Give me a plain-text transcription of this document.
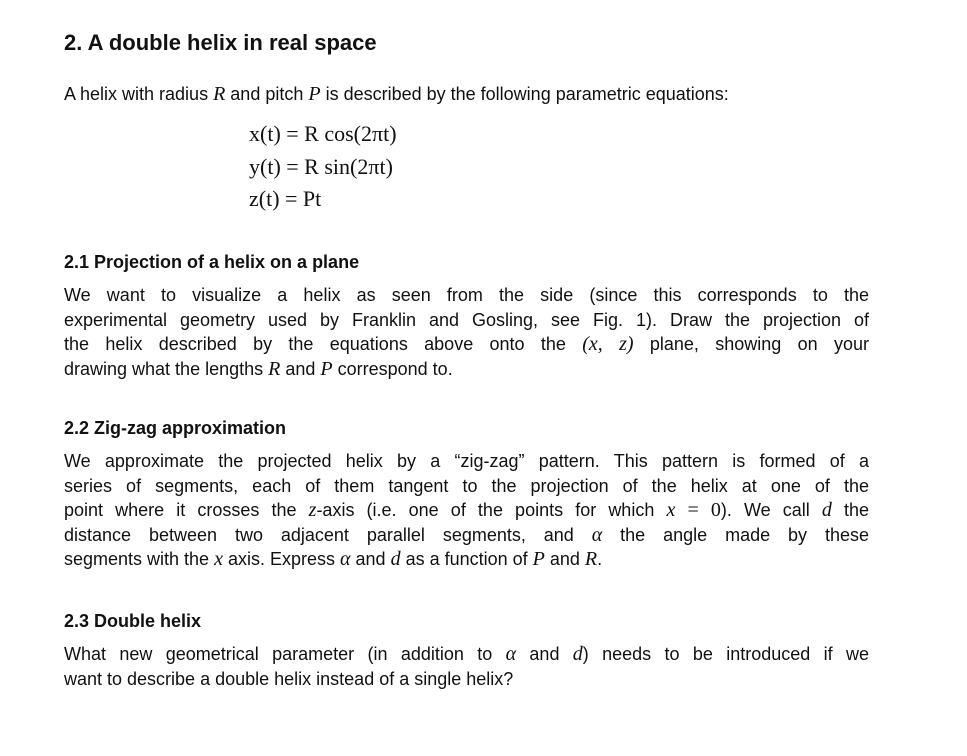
2. A double helix in real space

A helix with radius R and pitch P is described by the following parametric equations:

x(t) = R cos(2πt)
y(t) = R sin(2πt)
z(t) = Pt
2.1 Projection of a helix on a plane
We want to visualize a helix as seen from the side (since this corresponds to the
experimental geometry used by Franklin and Gosling, see Fig. 1). Draw the projection of
the helix described by the equations above onto the (x, z) plane, showing on your
drawing what the lengths R and P correspond to.
2.2 Zig-zag approximation
We approximate the projected helix by a “zig-zag” pattern. This pattern is formed of a
series of segments, each of them tangent to the projection of the helix at one of the
point where it crosses the z-axis (i.e. one of the points for which x = 0). We call d the
distance between two adjacent parallel segments, and α the angle made by these
segments with the x axis. Express α and d as a function of P and R.
2.3 Double helix
What new geometrical parameter (in addition to α and d) needs to be introduced if we
want to describe a double helix instead of a single helix?
